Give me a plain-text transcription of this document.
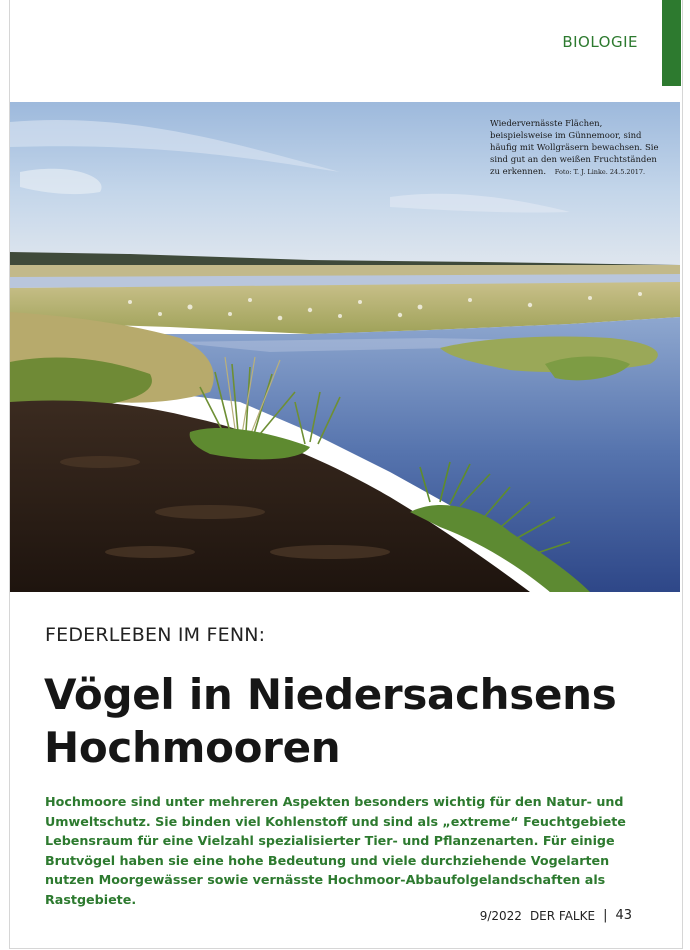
BIOLOGIE
Wiedervernässte Flächen, beispielsweise im Günnemoor, sind häufig mit Wollgräsern bewachsen. Sie sind gut an den weißen Fruchtständen zu erkennen. Foto: T. J. Linke. 24.5.2017.
FEDERLEBEN IM FENN:
Vögel in Niedersachsens
Hochmooren

Hochmoore sind unter mehreren Aspekten besonders wichtig für den Natur- und Umweltschutz. Sie binden viel Kohlenstoff und sind als „extreme“ Feuchtgebiete Lebensraum für eine Vielzahl spezialisierter Tier- und Pflanzenarten. Für einige Brutvögel haben sie eine hohe Bedeutung und viele durchziehende Vogelarten nutzen Moorgewässer sowie vernässte Hochmoor-Abbaufolgelandschaften als Rastgebiete.

9/2022 DER FALKE | 43
